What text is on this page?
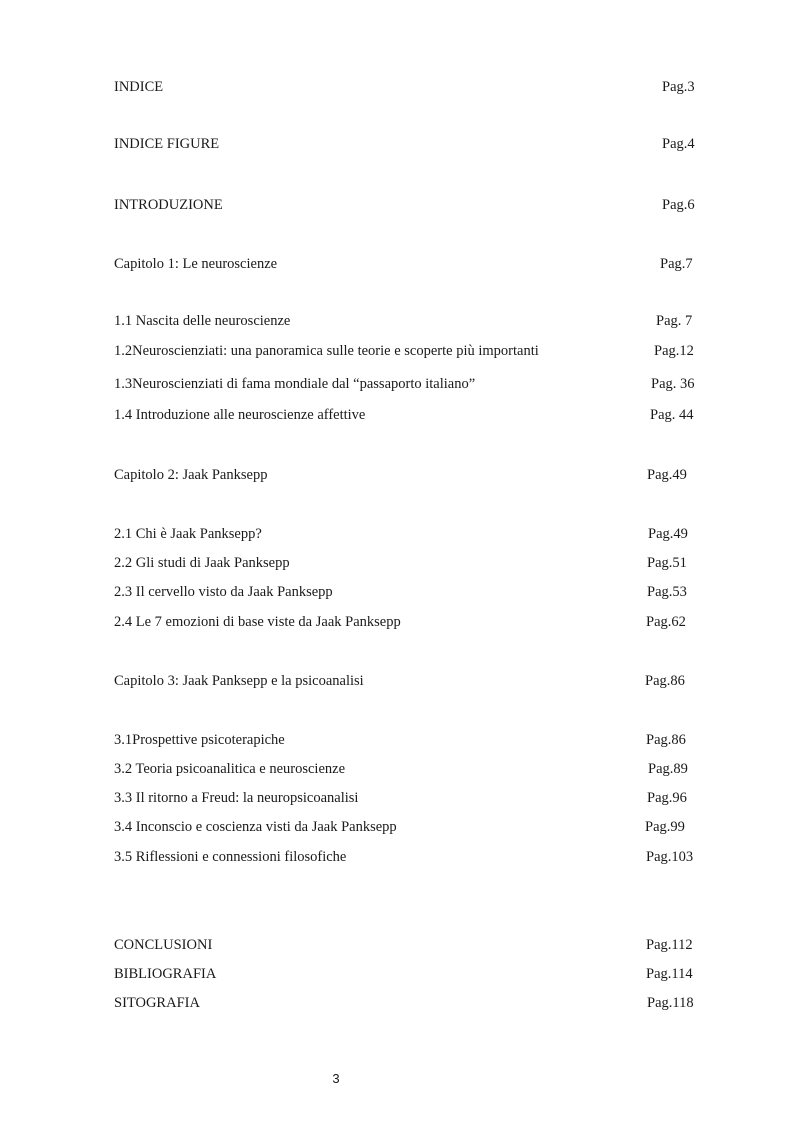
INDICE	Pag.3
INDICE FIGURE	Pag.4
INTRODUZIONE	Pag.6
Capitolo 1: Le neuroscienze	Pag.7
1.1 Nascita delle neuroscienze	Pag. 7
1.2Neuroscienziati: una panoramica sulle teorie e scoperte più importanti	Pag.12
1.3Neuroscienziati di fama mondiale dal “passaporto italiano”	Pag. 36
1.4 Introduzione alle neuroscienze affettive	Pag. 44
Capitolo 2: Jaak Panksepp	Pag.49
2.1 Chi è Jaak Panksepp?	Pag.49
2.2 Gli studi di Jaak Panksepp	Pag.51
2.3 Il cervello visto da Jaak Panksepp	Pag.53
2.4 Le 7 emozioni di base viste da Jaak Panksepp	Pag.62
Capitolo 3: Jaak Panksepp e la psicoanalisi	Pag.86
3.1Prospettive psicoterapiche	Pag.86
3.2 Teoria psicoanalitica e neuroscienze	Pag.89
3.3 Il ritorno a Freud: la neuropsicoanalisi	Pag.96
3.4 Inconscio e coscienza visti da Jaak Panksepp	Pag.99
3.5 Riflessioni e connessioni filosofiche	Pag.103
CONCLUSIONI	Pag.112
BIBLIOGRAFIA	Pag.114
SITOGRAFIA	Pag.118
3
